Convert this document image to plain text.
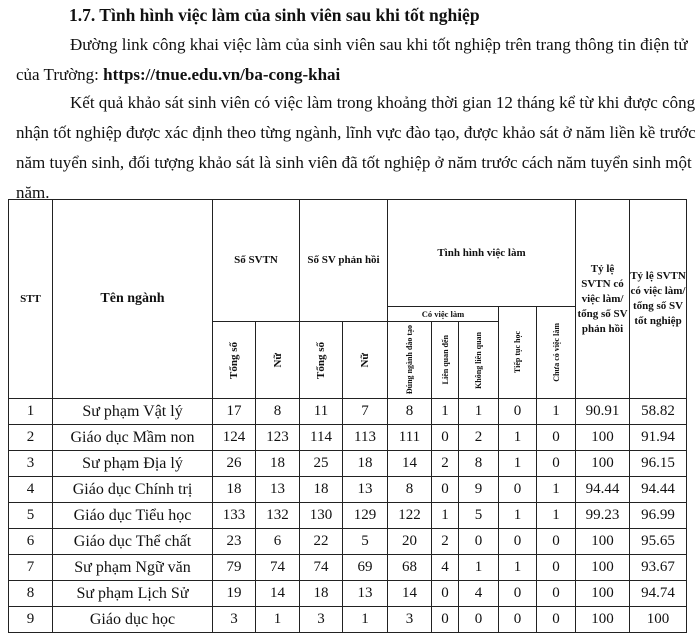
1.7. Tình hình việc làm của sinh viên sau khi tốt nghiệp

Đường link công khai việc làm của sinh viên sau khi tốt nghiệp trên trang thông tin điện tử của Trường: https://tnue.edu.vn/ba-cong-khai

Kết quả khảo sát sinh viên có việc làm trong khoảng thời gian 12 tháng kể từ khi được công nhận tốt nghiệp được xác định theo từng ngành, lĩnh vực đào tạo, được khảo sát ở năm liền kề trước năm tuyển sinh, đối tượng khảo sát là sinh viên đã tốt nghiệp ở năm trước cách năm tuyển sinh một năm.

STT	Tên ngành	Số SVTN		Số SV phản hồi		Tình hình việc làm					Tỷ lệ SVTN có việc làm/ tổng số SV phản hồi	Tỷ lệ SVTN có việc làm/ tổng số SV tốt nghiệp
						Có việc làm			Tiếp tục học	Chưa có việc làm		

		Tổng số	Nữ	Tổng số	Nữ	Đúng ngành đào tạo	Liên quan đến	Không liên quan				

1	Sư phạm Vật lý	17	8	11	7	8	1	1	0	1	90.91	58.82
2	Giáo dục Mầm non	124	123	114	113	111	0	2	1	0	100	91.94
3	Sư phạm Địa lý	26	18	25	18	14	2	8	1	0	100	96.15
4	Giáo dục Chính trị	18	13	18	13	8	0	9	0	1	94.44	94.44
5	Giáo dục Tiểu học	133	132	130	129	122	1	5	1	1	99.23	96.99
6	Giáo dục Thể chất	23	6	22	5	20	2	0	0	0	100	95.65
7	Sư phạm Ngữ văn	79	74	74	69	68	4	1	1	0	100	93.67
8	Sư phạm Lịch Sử	19	14	18	13	14	0	4	0	0	100	94.74
9	Giáo dục học	3	1	3	1	3	0	0	0	0	100	100
